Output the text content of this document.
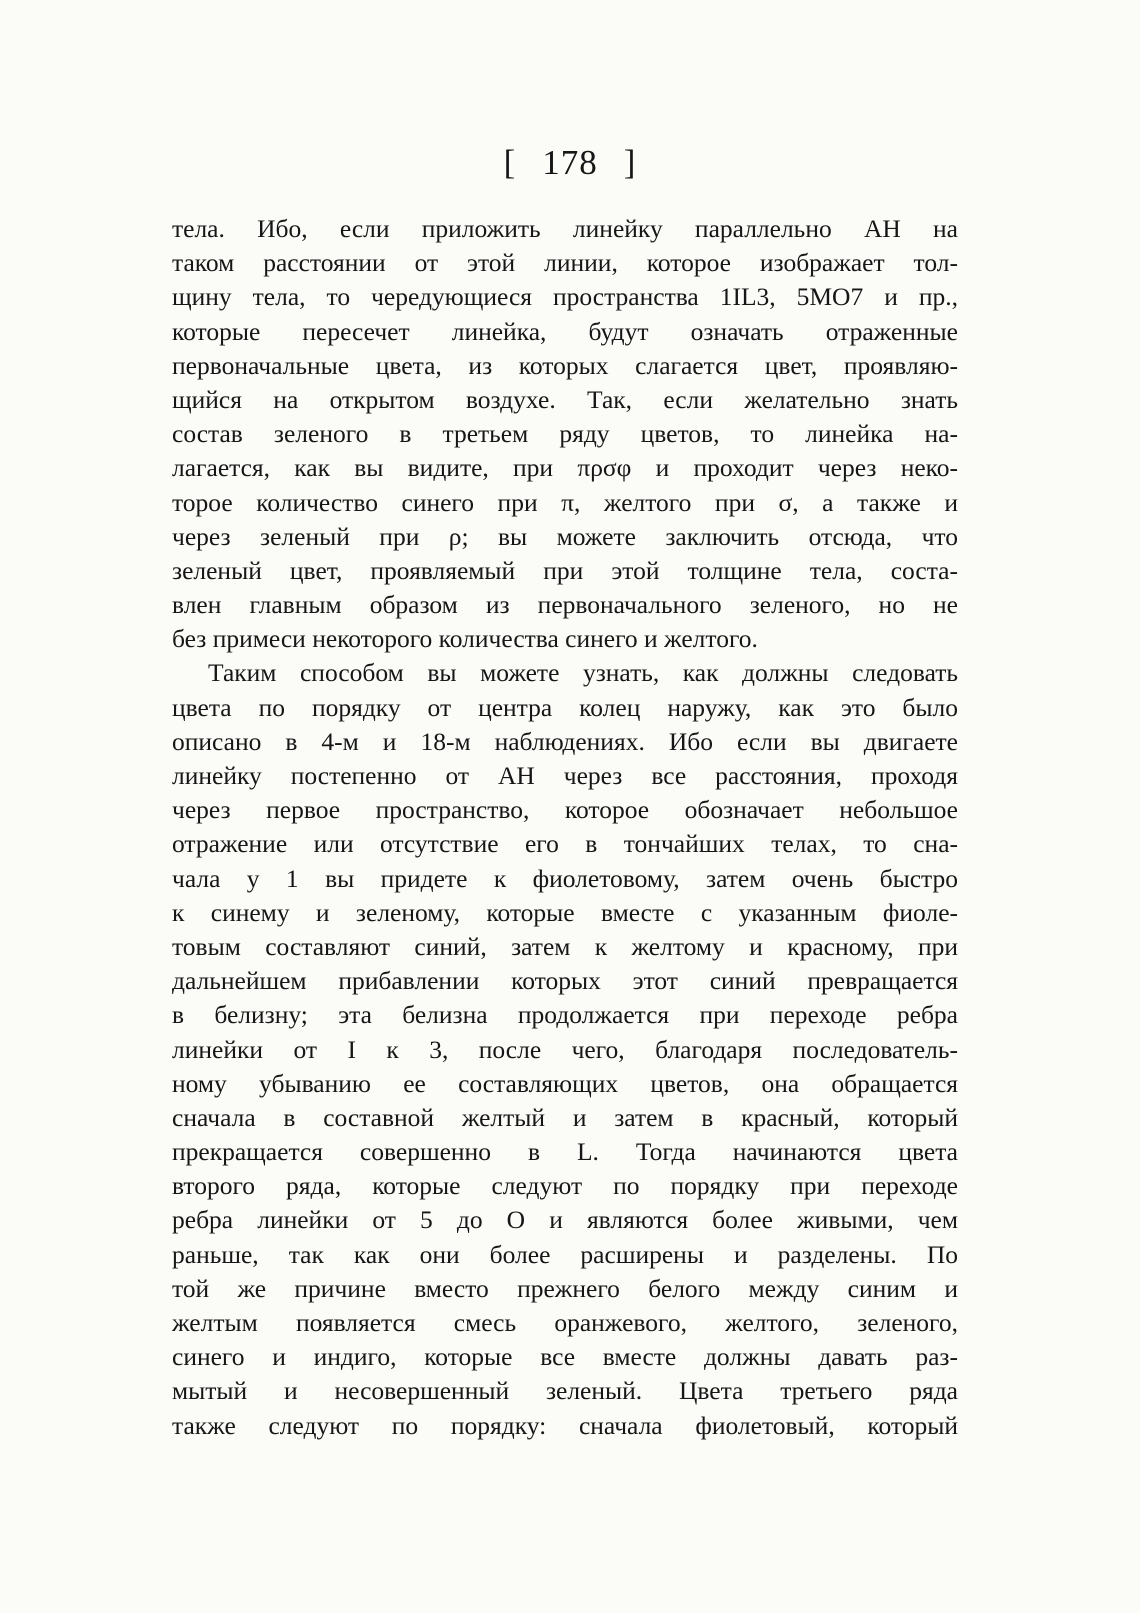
[ 178 ]
тела. Ибо, если приложить линейку параллельно AH на
таком расстоянии от этой линии, которое изображает тол-
щину тела, то чередующиеся пространства 1IL3, 5MO7 и пр.,
которые пересечет линейка, будут означать отраженные
первоначальные цвета, из которых слагается цвет, проявляю-
щийся на открытом воздухе. Так, если желательно знать
состав зеленого в третьем ряду цветов, то линейка на-
лагается, как вы видите, при πρσφ и проходит через неко-
торое количество синего при π, желтого при σ, а также и
через зеленый при ρ; вы можете заключить отсюда, что
зеленый цвет, проявляемый при этой толщине тела, соста-
влен главным образом из первоначального зеленого, но не
без примеси некоторого количества синего и желтого.
Таким способом вы можете узнать, как должны следовать
цвета по порядку от центра колец наружу, как это было
описано в 4-м и 18-м наблюдениях. Ибо если вы двигаете
линейку постепенно от AH через все расстояния, проходя
через первое пространство, которое обозначает небольшое
отражение или отсутствие его в тончайших телах, то сна-
чала у 1 вы придете к фиолетовому, затем очень быстро
к синему и зеленому, которые вместе с указанным фиоле-
товым составляют синий, затем к желтому и красному, при
дальнейшем прибавлении которых этот синий превращается
в белизну; эта белизна продолжается при переходе ребра
линейки от I к 3, после чего, благодаря последователь-
ному убыванию ее составляющих цветов, она обращается
сначала в составной желтый и затем в красный, который
прекращается совершенно в L. Тогда начинаются цвета
второго ряда, которые следуют по порядку при переходе
ребра линейки от 5 до O и являются более живыми, чем
раньше, так как они более расширены и разделены. По
той же причине вместо прежнего белого между синим и
желтым появляется смесь оранжевого, желтого, зеленого,
синего и индиго, которые все вместе должны давать раз-
мытый и несовершенный зеленый. Цвета третьего ряда
также следуют по порядку: сначала фиолетовый, который
